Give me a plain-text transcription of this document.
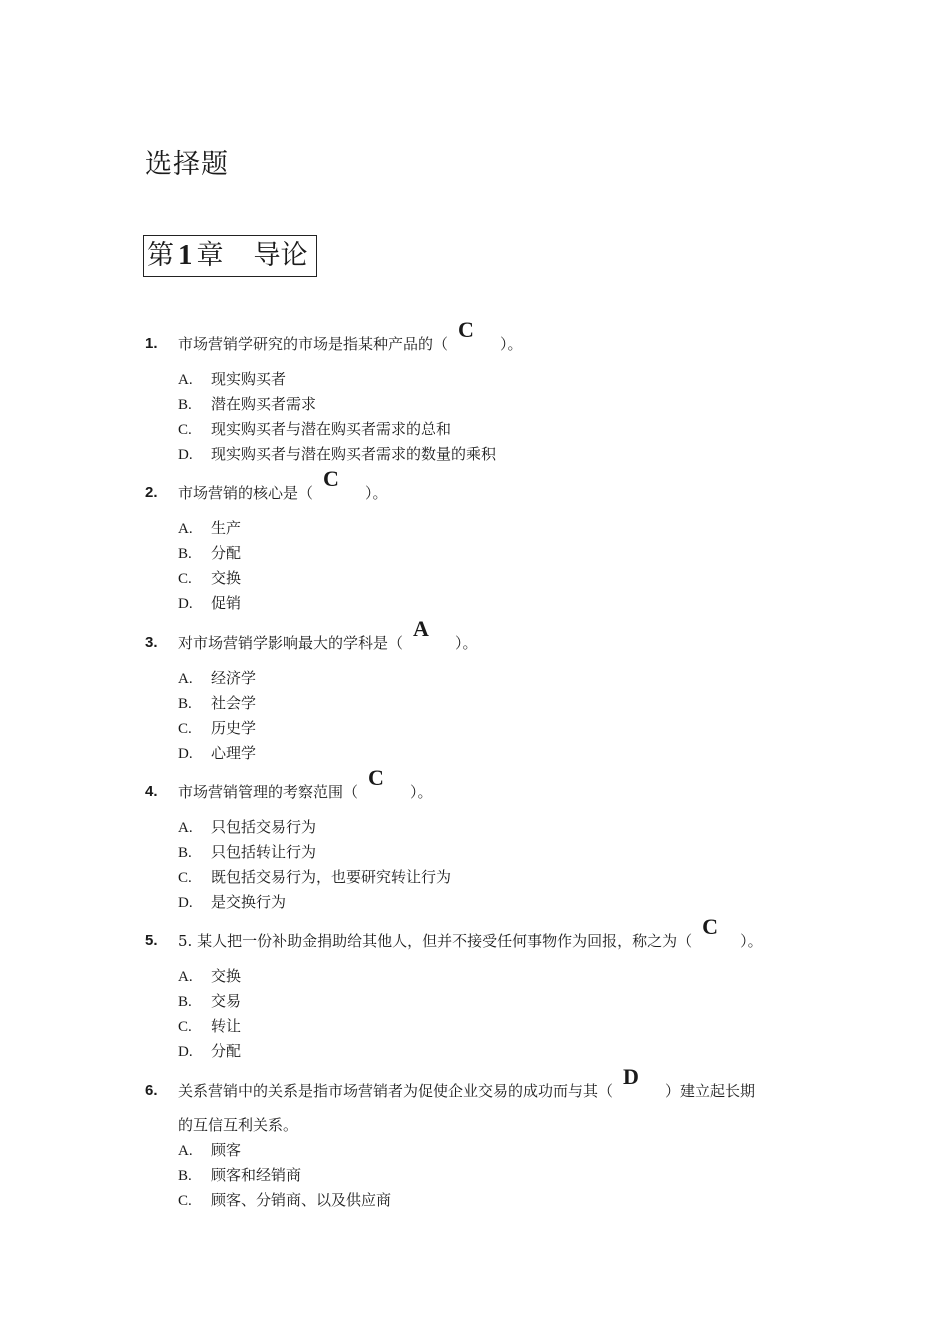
选择题
第 1 章 导论
1. 市场营销学研究的市场是指某种产品的（
C
）。
A. 现实购买者
B. 潜在购买者需求
C. 现实购买者与潜在购买者需求的总和
D. 现实购买者与潜在购买者需求的数量的乘积
2. 市场营销的核心是（
C
）。
A. 生产
B. 分配
C. 交换
D. 促销
3. 对市场营销学影响最大的学科是（
A
）。
A. 经济学
B. 社会学
C. 历史学
D. 心理学
4. 市场营销管理的考察范围（
C
）。
A. 只包括交易行为
B. 只包括转让行为
C. 既包括交易行为，也要研究转让行为
D. 是交换行为
5. 5. 某人把一份补助金捐助给其他人，但并不接受任何事物作为回报，称之为（
C
）。
A. 交换
B. 交易
C. 转让
D. 分配
6. 关系营销中的关系是指市场营销者为促使企业交易的成功而与其（
D
）建立起长期
的互信互利关系。
A. 顾客
B. 顾客和经销商
C. 顾客、分销商、以及供应商
